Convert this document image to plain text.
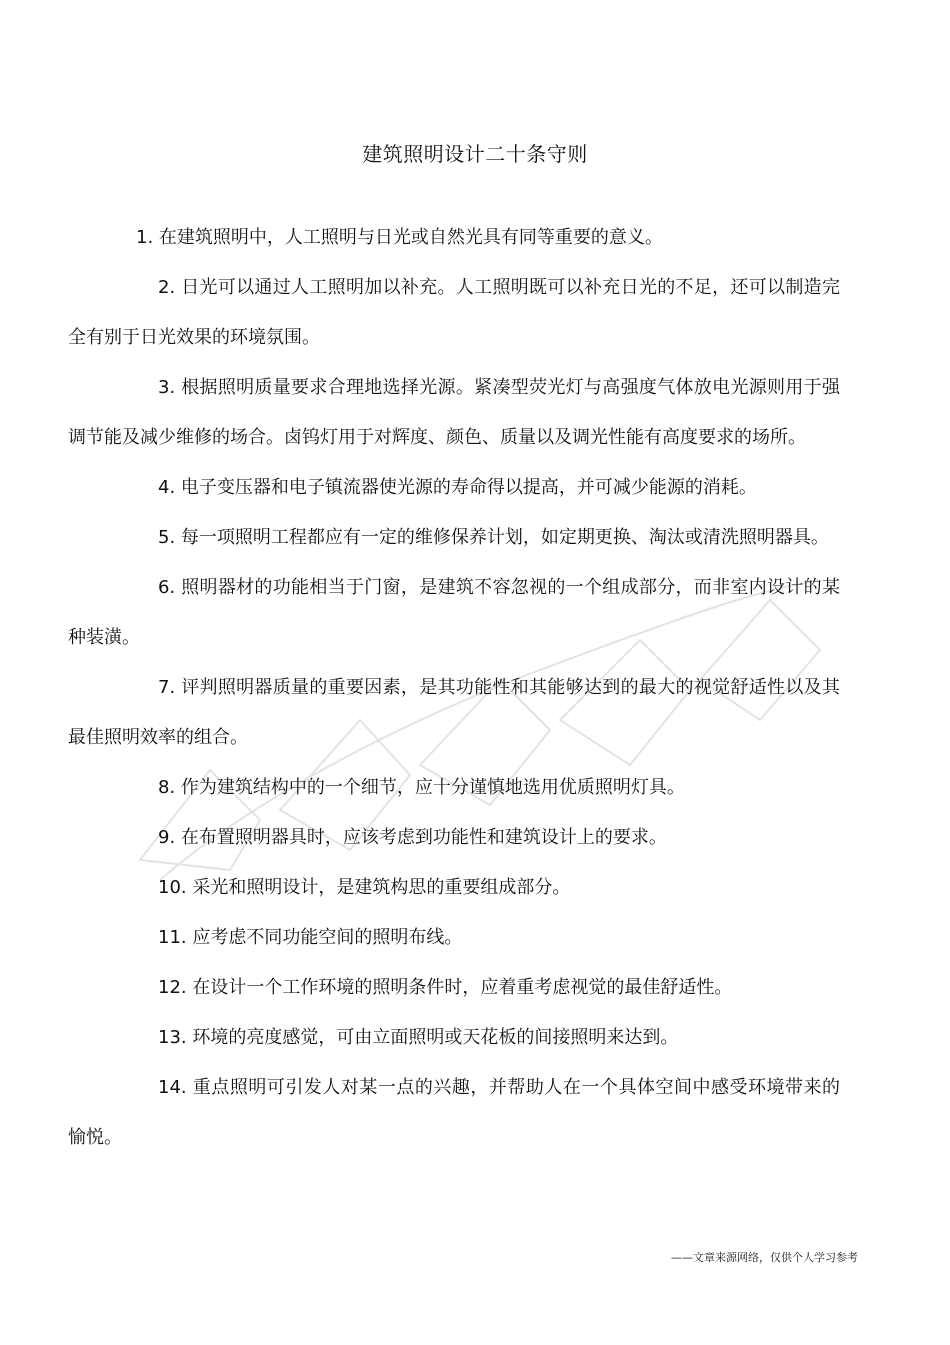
建筑照明设计二十条守则

1. 在建筑照明中，人工照明与日光或自然光具有同等重要的意义。

2. 日光可以通过人工照明加以补充。人工照明既可以补充日光的不足，还可以制造完全有别于日光效果的环境氛围。

3. 根据照明质量要求合理地选择光源。紧凑型荧光灯与高强度气体放电光源则用于强调节能及减少维修的场合。卤钨灯用于对辉度、颜色、质量以及调光性能有高度要求的场所。

4. 电子变压器和电子镇流器使光源的寿命得以提高，并可减少能源的消耗。

5. 每一项照明工程都应有一定的维修保养计划，如定期更换、淘汰或清洗照明器具。

6. 照明器材的功能相当于门窗，是建筑不容忽视的一个组成部分，而非室内设计的某种装潢。

7. 评判照明器质量的重要因素，是其功能性和其能够达到的最大的视觉舒适性以及其最佳照明效率的组合。

8. 作为建筑结构中的一个细节，应十分谨慎地选用优质照明灯具。

9. 在布置照明器具时，应该考虑到功能性和建筑设计上的要求。

10. 采光和照明设计，是建筑构思的重要组成部分。

11. 应考虑不同功能空间的照明布线。

12. 在设计一个工作环境的照明条件时，应着重考虑视觉的最佳舒适性。

13. 环境的亮度感觉，可由立面照明或天花板的间接照明来达到。

14. 重点照明可引发人对某一点的兴趣，并帮助人在一个具体空间中感受环境带来的愉悦。

——文章来源网络，仅供个人学习参考
